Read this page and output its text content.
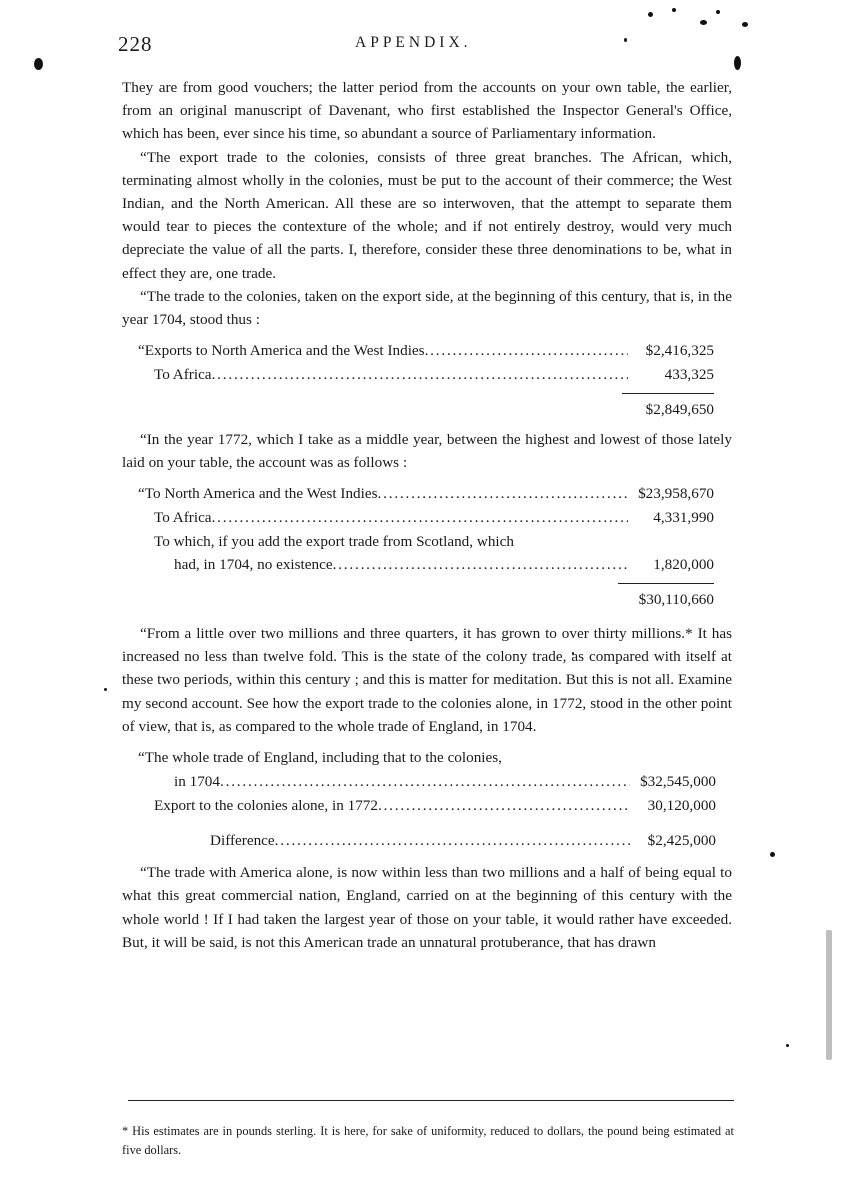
228	APPENDIX.

They are from good vouchers; the latter period from the accounts on your own table, the earlier, from an original manuscript of Davenant, who first established the Inspector General's Office, which has been, ever since his time, so abundant a source of Parliamentary information.

“The export trade to the colonies, consists of three great branches. The African, which, terminating almost wholly in the colonies, must be put to the account of their commerce; the West Indian, and the North American. All these are so interwoven, that the attempt to separate them would tear to pieces the contexture of the whole; and if not entirely destroy, would very much depreciate the value of all the parts. I, therefore, consider these three denominations to be, what in effect they are, one trade.

“The trade to the colonies, taken on the export side, at the beginning of this century, that is, in the year 1704, stood thus :

“Exports to North America and the West Indies .....	$2,416,325
To Africa .....	433,325
$2,849,650

“In the year 1772, which I take as a middle year, between the highest and lowest of those lately laid on your table, the account was as follows :

“To North America and the West Indies .....	$23,958,670
To Africa .....	4,331,990
To which, if you add the export trade from Scotland, which
had, in 1704, no existence .....	1,820,000
$30,110,660

“From a little over two millions and three quarters, it has grown to over thirty millions.* It has increased no less than twelve fold. This is the state of the colony trade, as compared with itself at these two periods, within this century ; and this is matter for meditation. But this is not all. Examine my second account. See how the export trade to the colonies alone, in 1772, stood in the other point of view, that is, as compared to the whole trade of England, in 1704.

“The whole trade of England, including that to the colonies,
in 1704 .....	$32,545,000
Export to the colonies alone, in 1772 .....	30,120,000
Difference .....	$2,425,000

“The trade with America alone, is now within less than two millions and a half of being equal to what this great commercial nation, England, carried on at the beginning of this century with the whole world ! If I had taken the largest year of those on your table, it would rather have exceeded. But, it will be said, is not this American trade an unnatural protuberance, that has drawn

* His estimates are in pounds sterling. It is here, for sake of uniformity, reduced to dollars, the pound being estimated at five dollars.
